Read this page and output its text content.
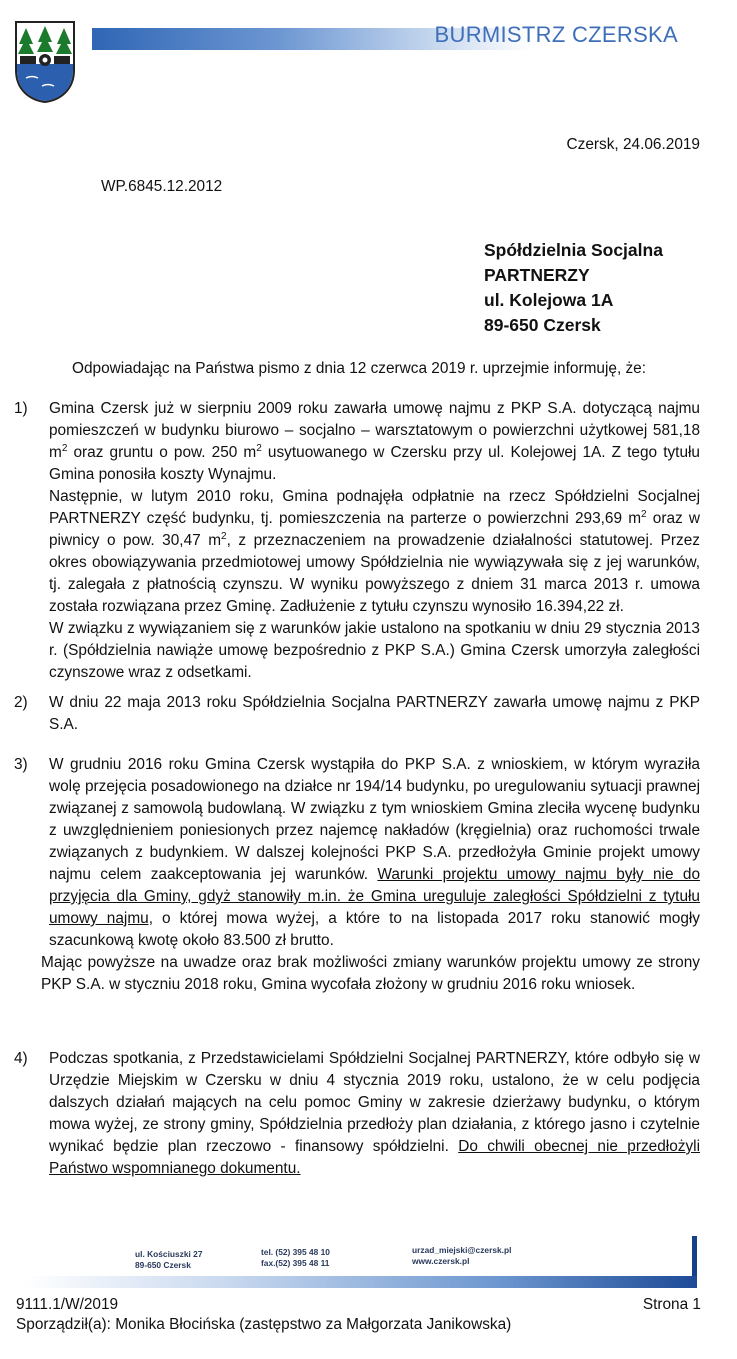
BURMISTRZ CZERSKA
Czersk, 24.06.2019
WP.6845.12.2012
Spółdzielnia Socjalna
PARTNERZY
ul. Kolejowa 1A
89-650 Czersk
Odpowiadając na Państwa pismo z dnia 12 czerwca 2019 r. uprzejmie informuję, że:
1) Gmina Czersk już w sierpniu 2009 roku zawarła umowę najmu z PKP S.A. dotyczącą najmu pomieszczeń w budynku biurowo – socjalno – warsztatowym o powierzchni użytkowej 581,18 $m^2$ oraz gruntu o pow. 250 $m^2$ usytuowanego w Czersku przy ul. Kolejowej 1A. Z tego tytułu Gmina ponosiła koszty Wynajmu.

Następnie, w lutym 2010 roku, Gmina podnajęła odpłatnie na rzecz Spółdzielni Socjalnej PARTNERZY część budynku, tj. pomieszczenia na parterze o powierzchni 293,69 $m^2$ oraz w piwnicy o pow. 30,47 $m^2$, z przeznaczeniem na prowadzenie działalności statutowej. Przez okres obowiązywania przedmiotowej umowy Spółdzielnia nie wywiązywała się z jej warunków, tj. zalegała z płatnością czynszu. W wyniku powyższego z dniem 31 marca 2013 r. umowa została rozwiązana przez Gminę. Zadłużenie z tytułu czynszu wynosiło 16.394,22 zł.

W związku z wywiązaniem się z warunków jakie ustalono na spotkaniu w dniu 29 stycznia 2013 r. (Spółdzielnia nawiąże umowę bezpośrednio z PKP S.A.) Gmina Czersk umorzyła zaległości czynszowe wraz z odsetkami.

2) W dniu 22 maja 2013 roku Spółdzielnia Socjalna PARTNERZY zawarła umowę najmu z PKP S.A.

3) W grudniu 2016 roku Gmina Czersk wystąpiła do PKP S.A. z wnioskiem, w którym wyraziła wolę przejęcia posadowionego na działce nr 194/14 budynku, po uregulowaniu sytuacji prawnej związanej z samowolą budowlaną. W związku z tym wnioskiem Gmina zleciła wycenę budynku z uwzględnieniem poniesionych przez najemcę nakładów (kręgielnia) oraz ruchomości trwale związanych z budynkiem. W dalszej kolejności PKP S.A. przedłożyła Gminie projekt umowy najmu celem zaakceptowania jej warunków. Warunki projektu umowy najmu były nie do przyjęcia dla Gminy, gdyż stanowiły m.in. że Gmina ureguluje zaległości Spółdzielni z tytułu umowy najmu, o której mowa wyżej, a które to na listopada 2017 roku stanowić mogły szacunkową kwotę około 83.500 zł brutto.

Mając powyższe na uwadze oraz brak możliwości zmiany warunków projektu umowy ze strony PKP S.A. w styczniu 2018 roku, Gmina wycofała złożony w grudniu 2016 roku wniosek.

4) Podczas spotkania, z Przedstawicielami Spółdzielni Socjalnej PARTNERZY, które odbyło się w Urzędzie Miejskim w Czersku w dniu 4 stycznia 2019 roku, ustalono, że w celu podjęcia dalszych działań mających na celu pomoc Gminy w zakresie dzierżawy budynku, o którym mowa wyżej, ze strony gminy, Spółdzielnia przedłoży plan działania, z którego jasno i czytelnie wynikać będzie plan rzeczowo - finansowy spółdzielni. Do chwili obecnej nie przedłożyli Państwo wspomnianego dokumentu.

ul. Kościuszki 27
89-650 Czersk
tel. (52) 395 48 10
fax.(52) 395 48 11
urzad_miejski@czersk.pl
www.czersk.pl
9111.1/W/2019	Strona 1
Sporządził(a): Monika Błocińska (zastępstwo za Małgorzata Janikowska)
